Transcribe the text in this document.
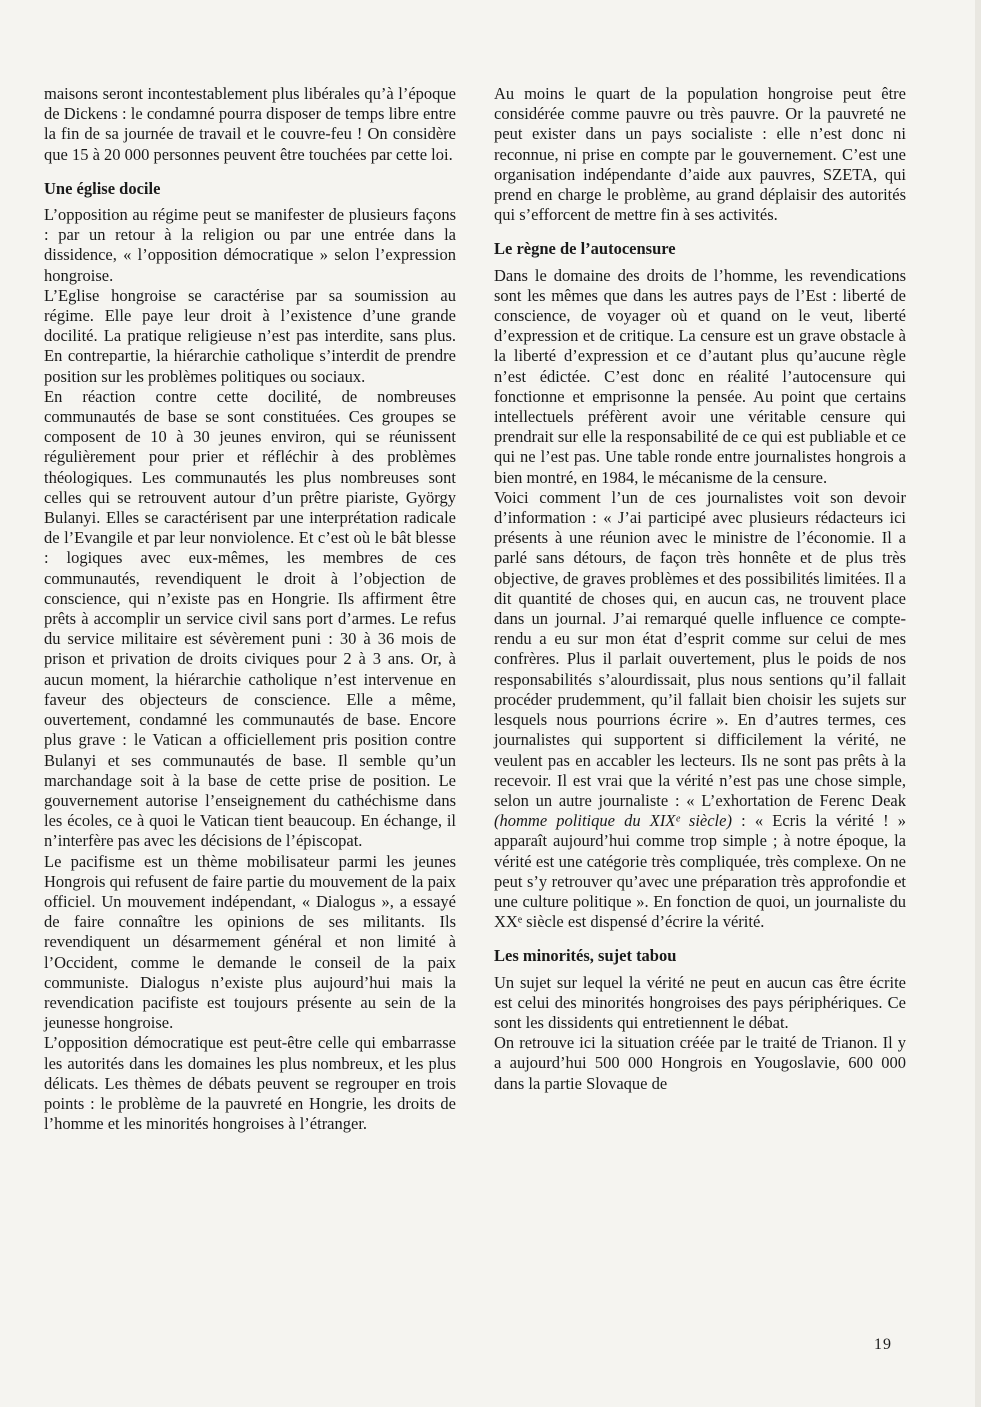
maisons seront incontestablement plus libérales qu’à l’époque de Dickens : le condamné pourra disposer de temps libre entre la fin de sa journée de travail et le couvre-feu ! On considère que 15 à 20 000 personnes peuvent être touchées par cette loi.

Une église docile

L’opposition au régime peut se manifester de plusieurs façons : par un retour à la religion ou par une entrée dans la dissidence, « l’opposition démocratique » selon l’expression hongroise.

L’Eglise hongroise se caractérise par sa soumission au régime. Elle paye leur droit à l’existence d’une grande docilité. La pratique religieuse n’est pas interdite, sans plus. En contrepartie, la hiérarchie catholique s’interdit de prendre position sur les problèmes politiques ou sociaux.

En réaction contre cette docilité, de nombreuses communautés de base se sont constituées. Ces groupes se composent de 10 à 30 jeunes environ, qui se réunissent régulièrement pour prier et réfléchir à des problèmes théologiques. Les communautés les plus nombreuses sont celles qui se retrouvent autour d’un prêtre piariste, György Bulanyi. Elles se caractérisent par une interprétation radicale de l’Evangile et par leur nonviolence. Et c’est où le bât blesse : logiques avec eux-mêmes, les membres de ces communautés, revendiquent le droit à l’objection de conscience, qui n’existe pas en Hongrie. Ils affirment être prêts à accomplir un service civil sans port d’armes. Le refus du service militaire est sévèrement puni : 30 à 36 mois de prison et privation de droits civiques pour 2 à 3 ans. Or, à aucun moment, la hiérarchie catholique n’est intervenue en faveur des objecteurs de conscience. Elle a même, ouvertement, condamné les communautés de base. Encore plus grave : le Vatican a officiellement pris position contre Bulanyi et ses communautés de base. Il semble qu’un marchandage soit à la base de cette prise de position. Le gouvernement autorise l’enseignement du cathéchisme dans les écoles, ce à quoi le Vatican tient beaucoup. En échange, il n’interfère pas avec les décisions de l’épiscopat.

Le pacifisme est un thème mobilisateur parmi les jeunes Hongrois qui refusent de faire partie du mouvement de la paix officiel. Un mouvement indépendant, « Dialogus », a essayé de faire connaître les opinions de ses militants. Ils revendiquent un désarmement général et non limité à l’Occident, comme le demande le conseil de la paix communiste. Dialogus n’existe plus aujourd’hui mais la revendication pacifiste est toujours présente au sein de la jeunesse hongroise.

L’opposition démocratique est peut-être celle qui embarrasse les autorités dans les domaines les plus nombreux, et les plus délicats. Les thèmes de débats peuvent se regrouper en trois points : le problème de la pauvreté en Hongrie, les droits de l’homme et les minorités hongroises à l’étranger.

Au moins le quart de la population hongroise peut être considérée comme pauvre ou très pauvre. Or la pauvreté ne peut exister dans un pays socialiste : elle n’est donc ni reconnue, ni prise en compte par le gouvernement. C’est une organisation indépendante d’aide aux pauvres, SZETA, qui prend en charge le problème, au grand déplaisir des autorités qui s’efforcent de mettre fin à ses activités.

Le règne de l’autocensure

Dans le domaine des droits de l’homme, les revendications sont les mêmes que dans les autres pays de l’Est : liberté de conscience, de voyager où et quand on le veut, liberté d’expression et de critique. La censure est un grave obstacle à la liberté d’expression et ce d’autant plus qu’aucune règle n’est édictée. C’est donc en réalité l’autocensure qui fonctionne et emprisonne la pensée. Au point que certains intellectuels préfèrent avoir une véritable censure qui prendrait sur elle la responsabilité de ce qui est publiable et ce qui ne l’est pas. Une table ronde entre journalistes hongrois a bien montré, en 1984, le mécanisme de la censure.

Voici comment l’un de ces journalistes voit son devoir d’information : « J’ai participé avec plusieurs rédacteurs ici présents à une réunion avec le ministre de l’économie. Il a parlé sans détours, de façon très honnête et de plus très objective, de graves problèmes et des possibilités limitées. Il a dit quantité de choses qui, en aucun cas, ne trouvent place dans un journal. J’ai remarqué quelle influence ce compte-rendu a eu sur mon état d’esprit comme sur celui de mes confrères. Plus il parlait ouvertement, plus le poids de nos responsabilités s’alourdissait, plus nous sentions qu’il fallait procéder prudemment, qu’il fallait bien choisir les sujets sur lesquels nous pourrions écrire ». En d’autres termes, ces journalistes qui supportent si difficilement la vérité, ne veulent pas en accabler les lecteurs. Ils ne sont pas prêts à la recevoir. Il est vrai que la vérité n’est pas une chose simple, selon un autre journaliste : « L’exhortation de Ferenc Deak (homme politique du XIXᵉ siècle) : « Ecris la vérité ! » apparaît aujourd’hui comme trop simple ; à notre époque, la vérité est une catégorie très compliquée, très complexe. On ne peut s’y retrouver qu’avec une préparation très approfondie et une culture politique ». En fonction de quoi, un journaliste du XXᵉ siècle est dispensé d’écrire la vérité.

Les minorités, sujet tabou

Un sujet sur lequel la vérité ne peut en aucun cas être écrite est celui des minorités hongroises des pays périphériques. Ce sont les dissidents qui entretiennent le débat.

On retrouve ici la situation créée par le traité de Trianon. Il y a aujourd’hui 500 000 Hongrois en Yougoslavie, 600 000 dans la partie Slovaque de

19
